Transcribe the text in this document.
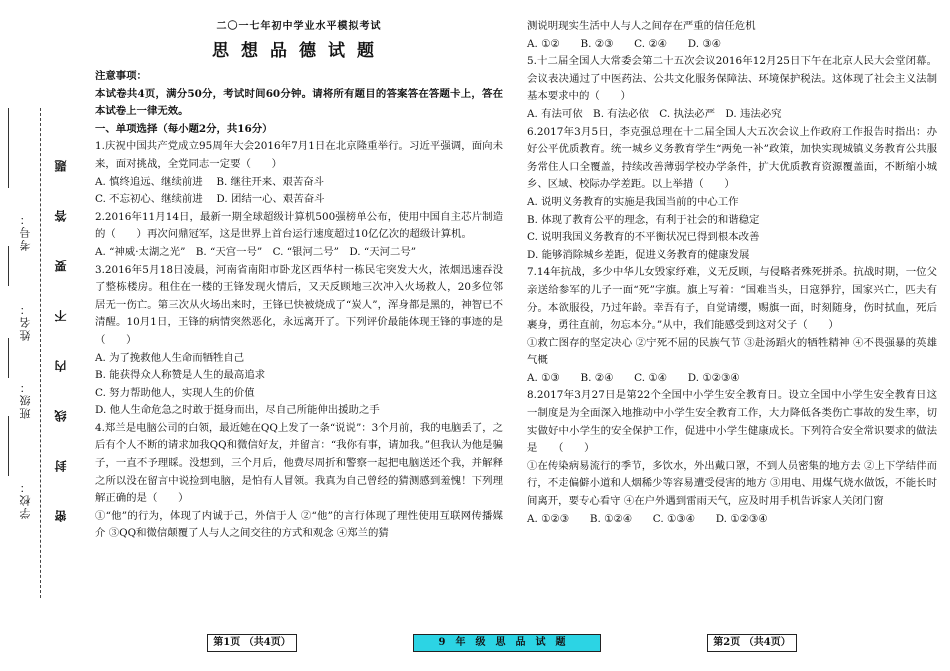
考号：
姓名：
班级：
学校：
题
答
要
不
内
线
封
密
二〇一七年初中学业水平模拟考试
思想品德试题

注意事项：

本试卷共4页，满分50分，考试时间60分钟。请将所有题目的答案答在答题卡上，答在本试卷上一律无效。

一、单项选择（每小题2分，共16分）

1.庆祝中国共产党成立95周年大会2016年7月1日在北京隆重举行。习近平强调，面向未来，面对挑战，全党同志一定要（　　）

A. 慎终追远、继续前进　 B. 继往开来、艰苦奋斗

C. 不忘初心、继续前进　 D. 团结一心、艰苦奋斗

2.2016年11月14日，最新一期全球超级计算机500强榜单公布，使用中国自主芯片制造的（　　）再次问鼎冠军，这是世界上首台运行速度超过10亿亿次的超级计算机。

A. “神威·太湖之光”　B. “天宫一号”　C. “银河二号”　D. “天河二号”

3.2016年5月18日凌晨，河南省南阳市卧龙区西华村一栋民宅突发大火，浓烟迅速吞没了整栋楼房。租住在一楼的王锋发现火情后，又天反顾地三次冲入火场救人，20多位邻居无一伤亡。第三次从火场出来时，王锋已快被烧成了“炭人”，浑身都是黑的，神智已不清醒。10月1日，王锋的病情突然恶化，永远离开了。下列评价最能体现王锋的事迹的是（　　）

A. 为了挽救他人生命而牺牲自己

B. 能获得众人称赞是人生的最高追求

C. 努力帮助他人，实现人生的价值

D. 他人生命危急之时敢于挺身而出，尽自己所能伸出援助之手

4.郑兰是电脑公司的白领，最近她在QQ上发了一条“说说”：3个月前，我的电脑丢了，之后有个人不断的请求加我QQ和微信好友，并留言：“我你有事，请加我。”但我认为他是骗子，一直不予理睬。没想到，三个月后，他费尽周折和警察一起把电脑送还个我，并解释之所以没在留言中说捡到电脑，是怕有人冒领。我真为自己曾经的猜测感到羞愧！下列理解正确的是（　　）

①“他”的行为，体现了内诚于己，外信于人 ②“他”的言行体现了理性使用互联网传播媒介 ③QQ和微信颠覆了人与人之间交往的方式和观念 ④郑兰的猜

测说明现实生活中人与人之间存在严重的信任危机

A. ①②　　B. ②③　　C. ②④　　D. ③④

5.十二届全国人大常委会第二十五次会议2016年12月25日下午在北京人民大会堂闭幕。会议表决通过了中医药法、公共文化服务保障法、环境保护税法。这体现了社会主义法制基本要求中的（　　）

A. 有法可依　B. 有法必依　C. 执法必严　D. 违法必究

6.2017年3月5日，李克强总理在十二届全国人大五次会议上作政府工作报告时指出：办好公平优质教育。统一城乡义务教育学生“两免一补”政策，加快实现城镇义务教育公共服务常住人口全覆盖，持续改善薄弱学校办学条件，扩大优质教育资源覆盖面，不断缩小城乡、区域、校际办学差距。以上举措（　　）

A. 说明义务教育的实施是我国当前的中心工作

B. 体现了教育公平的理念，有利于社会的和谐稳定

C. 说明我国义务教育的不平衡状况已得到根本改善

D. 能够消除城乡差距，促进义务教育的健康发展

7.14年抗战，多少中华儿女毁家纾难，义无反顾，与侵略者殊死拼杀。抗战时期，一位父亲送给参军的儿子一面“死”字旗。旗上写着：“国难当头，日寇猙狞，国家兴亡，匹夫有分。本欲服役，乃过年龄。幸吾有子，自觉请缨，赐旗一面，时刻随身，伤时拭血，死后裹身，勇往直前，勿忘本分。”从中，我们能感受到这对父子（　　）

①救亡图存的坚定决心 ②宁死不屈的民族气节 ③赴汤蹈火的牺牲精神 ④不畏强暴的英雄气概

A. ①③　　B. ②④　　C. ①④　　D. ①②③④

8.2017年3月27日是第22个全国中小学生安全教育日。设立全国中小学生安全教育日这一制度是为全面深入地推动中小学生安全教育工作，大力降低各类伤亡事故的发生率，切实做好中小学生的安全保护工作，促进中小学生健康成长。下列符合安全常识要求的做法是　　（　　）

①在传染病易流行的季节，多饮水，外出戴口罩，不到人员密集的地方去 ②上下学结伴而行，不走偏僻小道和人烟稀少等容易遭受侵害的地方 ③用电、用煤气烧水做饭，不能长时间离开，要专心看守 ④在户外遇到雷雨天气，应及时用手机告诉家人关闭门窗

A. ①②③　　B. ①②④　　C. ①③④　　D. ①②③④

第1页 （共4页）	9年级思品试题	第2页 （共4页）
